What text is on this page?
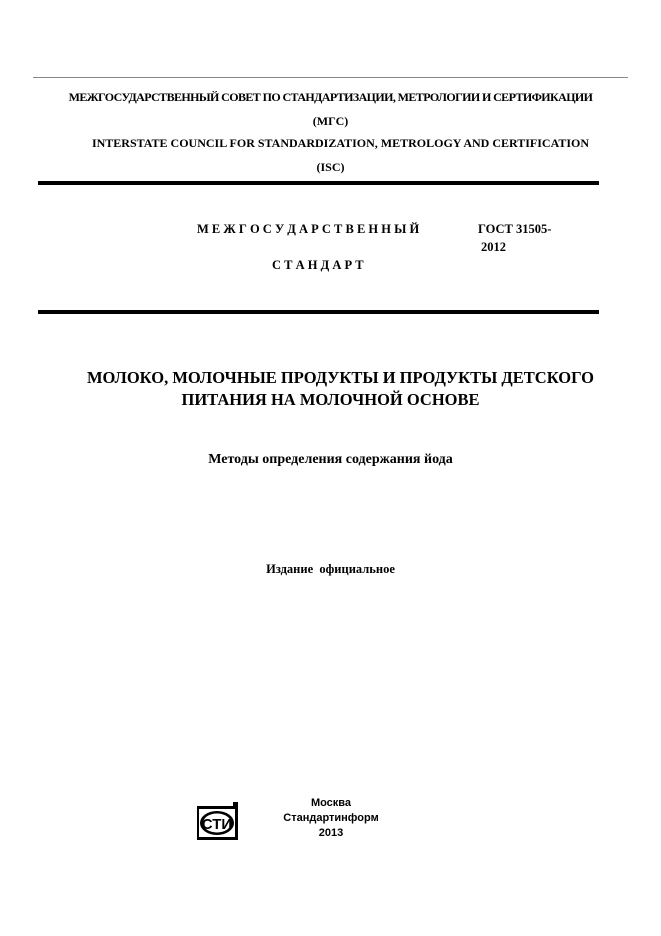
МЕЖГОСУДАРСТВЕННЫЙ СОВЕТ ПО СТАНДАРТИЗАЦИИ, МЕТРОЛОГИИ И СЕРТИФИКАЦИИ
(МГС)
INTERSTATE COUNCIL FOR STANDARDIZATION, METROLOGY AND CERTIFICATION
(ISC)
М Е Ж Г О С У Д А Р С Т В Е Н Н Ы Й	ГОСТ 31505-
2012
С Т А Н Д А Р Т
МОЛОКО, МОЛОЧНЫЕ ПРОДУКТЫ И ПРОДУКТЫ ДЕТСКОГО
ПИТАНИЯ НА МОЛОЧНОЙ ОСНОВЕ
Методы определения содержания йода
Издание  официальное
СТИ
Москва
Стандартинформ
2013
